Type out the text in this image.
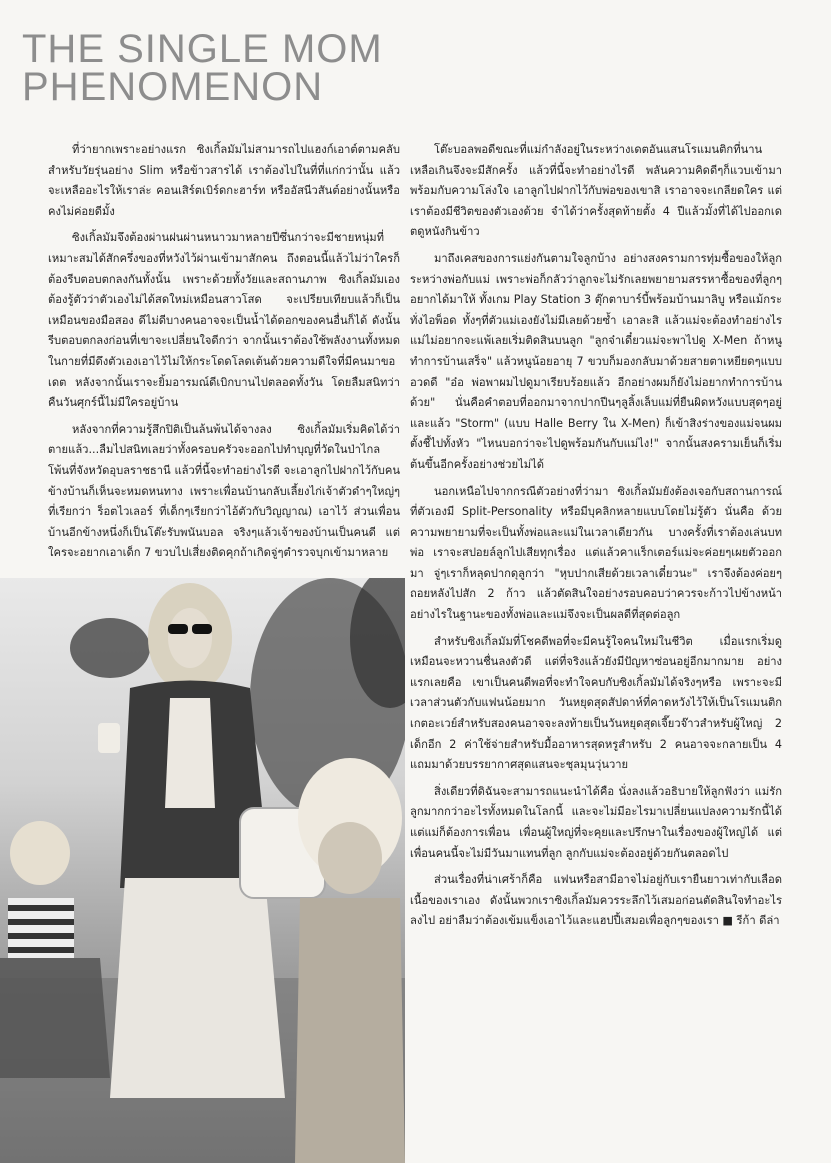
THE SINGLE MOM
PHENOMENON

ที่ว่ายากเพราะอย่างแรก ซิงเกิ้ลมัมไม่สามารถไปแฮงก์เอาต์ตามคลับสำหรับวัยรุ่นอย่าง Slim หรือข้าวสารได้ เราต้องไปในที่ที่แก่กว่านั้น แล้วจะเหลืออะไรให้เราล่ะ คอนเสิร์ตเบิร์ดกะฮาร์ท หรืออัสนีวสันต์อย่างนั้นหรือ คงไม่ค่อยดีมั้ง

ซิงเกิ้ลมัมจึงต้องผ่านฝนผ่านหนาวมาหลายปีซึ่นกว่าจะมีชายหนุ่มที่เหมาะสมได้สักครึ่งของที่หวังไว้ผ่านเข้ามาสักคน ถึงตอนนี้แล้วไม่ว่าใครก็ต้องรีบตอบตกลงกันทั้งนั้น เพราะด้วยทั้งวัยและสถานภาพ ซิงเกิ้ลมัมเองต้องรู้ตัวว่าตัวเองไม่ได้สดใหม่เหมือนสาวโสด จะเปรียบเทียบแล้วก็เป็นเหมือนของมือสอง ดีไม่ดีบางคนอาจจะเป็นน้ำได้ดอกของคนอื่นก็ได้ ดังนั้นรีบตอบตกลงก่อนที่เขาจะเปลี่ยนใจดีกว่า จากนั้นเราต้องใช้พลังงานทั้งหมดในกายที่มีดึงตัวเองเอาไว้ไม่ให้กระโดดโลดเต้นด้วยความดีใจที่มีคนมาขอเดต หลังจากนั้นเราจะยิ้มอารมณ์ดีเบิกบานไปตลอดทั้งวัน โดยลืมสนิทว่าคืนวันศุกร์นี้ไม่มีใครอยู่บ้าน

หลังจากที่ความรู้สึกปิติเป็นล้นพ้นได้จางลง ซิงเกิ้ลมัมเริ่มคิดได้ว่า ตายแล้ว...ลืมไปสนิทเลยว่าทั้งครอบครัวจะออกไปทำบุญที่วัดในป่าไกลโพ้นที่จังหวัดอุบลราชธานี แล้วที่นี้จะทำอย่างไรดี จะเอาลูกไปฝากไว้กับคนข้างบ้านก็เห็นจะหมดหนทาง เพราะเพื่อนบ้านกลับเลี้ยงไก่เจ้าตัวดำๆใหญ่ๆที่เรียกว่า ร็อตไวเลอร์ ที่เด็กๆเรียกว่าไอ้ตัวกับวิญญาณ) เอาไว้ ส่วนเพื่อนบ้านอีกข้างหนึ่งก็เป็นโต๊ะรับพนันบอล จริงๆแล้วเจ้าของบ้านเป็นคนดี แต่ใครจะอยากเอาเด็ก 7 ขวบไปเสี่ยงติดคุกถ้าเกิดจู่ๆตำรวจบุกเข้ามาหลาย

โต๊ะบอลพอดีขณะที่แม่กำลังอยู่ในระหว่างเดตอันแสนโรแมนติกที่นานเหลือเกินจึงจะมีสักครั้ง แล้วที่นี้จะทำอย่างไรดี พลันความคิดดีๆก็แวบเข้ามาพร้อมกับความโล่งใจ เอาลูกไปฝากไว้กับพ่อของเขาสิ เราอาจจะเกลียดใคร แต่เราต้องมีชีวิตของตัวเองด้วย จำได้ว่าครั้งสุดท้ายตั้ง 4 ปีแล้วมั้งที่ได้ไปออกเดตดูหนังกินข้าว

มาถึงเคสของการแย่งกันตามใจลูกบ้าง อย่างสงครามการทุ่มซื้อของให้ลูกระหว่างพ่อกับแม่ เพราะพ่อก็กลัวว่าลูกจะไม่รักเลยพยายามสรรหาซื้อของที่ลูกๆอยากได้มาให้ ทั้งเกม Play Station 3 ตุ๊กตาบาร์บี้พร้อมบ้านมาลิบู หรือแม้กระทั่งไอพ็อด ทั้งๆที่ตัวแม่เองยังไม่มีเลยด้วยซ้ำ เอาละสิ แล้วแม่จะต้องทำอย่างไร แม่ไม่อยากจะแพ้เลยเริ่มติดสินบนลูก "ลูกจ๋าเดี๋ยวแม่จะพาไปดู X-Men ถ้าหนูทำการบ้านเสร็จ" แล้วหนูน้อยอายุ 7 ขวบก็มองกลับมาด้วยสายตาเหยียดๆแบบอวดดี "อ๋อ พ่อพาผมไปดูมาเรียบร้อยแล้ว อีกอย่างผมก็ยังไม่อยากทำการบ้านด้วย" นั่นคือคำตอบที่ออกมาจากปากปีนๆลูลิ้งเล็บแม่ที่ยืนผิดหวังแบบสุดๆอยู่ และแล้ว "Storm" (แบบ Halle Berry ใน X-Men) ก็เข้าสิงร่างของแม่จนผมตั้งชี้ไปทั้งหัว "ไหนบอกว่าจะไปดูพร้อมกันกับแม่ไง!" จากนั้นสงครามเย็นก็เริ่มต้นขึ้นอีกครั้งอย่างช่วยไม่ได้

นอกเหนือไปจากกรณีตัวอย่างที่ว่ามา ซิงเกิ้ลมัมยังต้องเจอกับสถานการณ์ที่ตัวเองมี Split-Personality หรือมีบุคลิกหลายแบบโดยไม่รู้ตัว นั่นคือ ด้วยความพยายามที่จะเป็นทั้งพ่อและแม่ในเวลาเดียวกัน บางครั้งที่เราต้องเล่นบทพ่อ เราจะสปอยล์ลูกไปเสียทุกเรื่อง แต่แล้วคาแร็กเตอร์แม่จะค่อยๆเผยตัวออกมา จู่ๆเราก็หลุดปากดุลูกว่า "หุบปากเสียด้วยเวลาเดี๋ยวนะ" เราจึงต้องค่อยๆถอยหลังไปสัก 2 ก้าว แล้วตัดสินใจอย่างรอบคอบว่าควรจะก้าวไปข้างหน้าอย่างไรในฐานะของทั้งพ่อและแม่จึงจะเป็นผลดีที่สุดต่อลูก

สำหรับซิงเกิ้ลมัมที่โชคดีพอที่จะมีคนรู้ใจคนใหม่ในชีวิต เมื่อแรกเริ่มดูเหมือนจะหวานชื่นลงตัวดี แต่ที่จริงแล้วยังมีปัญหาซ่อนอยู่อีกมากมาย อย่างแรกเลยคือ เขาเป็นคนดีพอที่จะทำใจคบกับซิงเกิ้ลมัมได้จริงๆหรือ เพราะจะมีเวลาส่วนตัวกับแฟนน้อยมาก วันหยุดสุดสัปดาห์ที่คาดหวังไว้ให้เป็นโรแมนติกเกตอะเวย์สำหรับสองคนอาจจะลงท้ายเป็นวันหยุดสุดเจี๊ยวจ๊าวสำหรับผู้ใหญ่ 2 เด็กอีก 2 ค่าใช้จ่ายสำหรับมื้ออาหารสุดหรูสำหรับ 2 คนอาจจะกลายเป็น 4 แถมมาด้วยบรรยากาศสุดแสนจะชุลมุนวุ่นวาย

สิ่งเดียวที่ดิฉันจะสามารถแนะนำได้คือ นั่งลงแล้วอธิบายให้ลูกฟังว่า แม่รักลูกมากกว่าอะไรทั้งหมดในโลกนี้ และจะไม่มีอะไรมาเปลี่ยนแปลงความรักนี้ได้ แต่แม่ก็ต้องการเพื่อน เพื่อนผู้ใหญ่ที่จะคุยและปรึกษาในเรื่องของผู้ใหญ่ได้ แต่เพื่อนคนนี้จะไม่มีวันมาแทนที่ลูก ลูกกับแม่จะต้องอยู่ด้วยกันตลอดไป

ส่วนเรื่องที่น่าเศร้าก็คือ แฟนหรือสามีอาจไม่อยู่กับเรายืนยาวเท่ากับเลือดเนื้อของเราเอง ดังนั้นพวกเราซิงเกิ้ลมัมควรระลึกไว้เสมอก่อนตัดสินใจทำอะไรลงไป อย่าลืมว่าต้องเข้มแข็งเอาไว้และแฮปปี้เสมอเพื่อลูกๆของเรา ■ รีก้า ดีล่า
